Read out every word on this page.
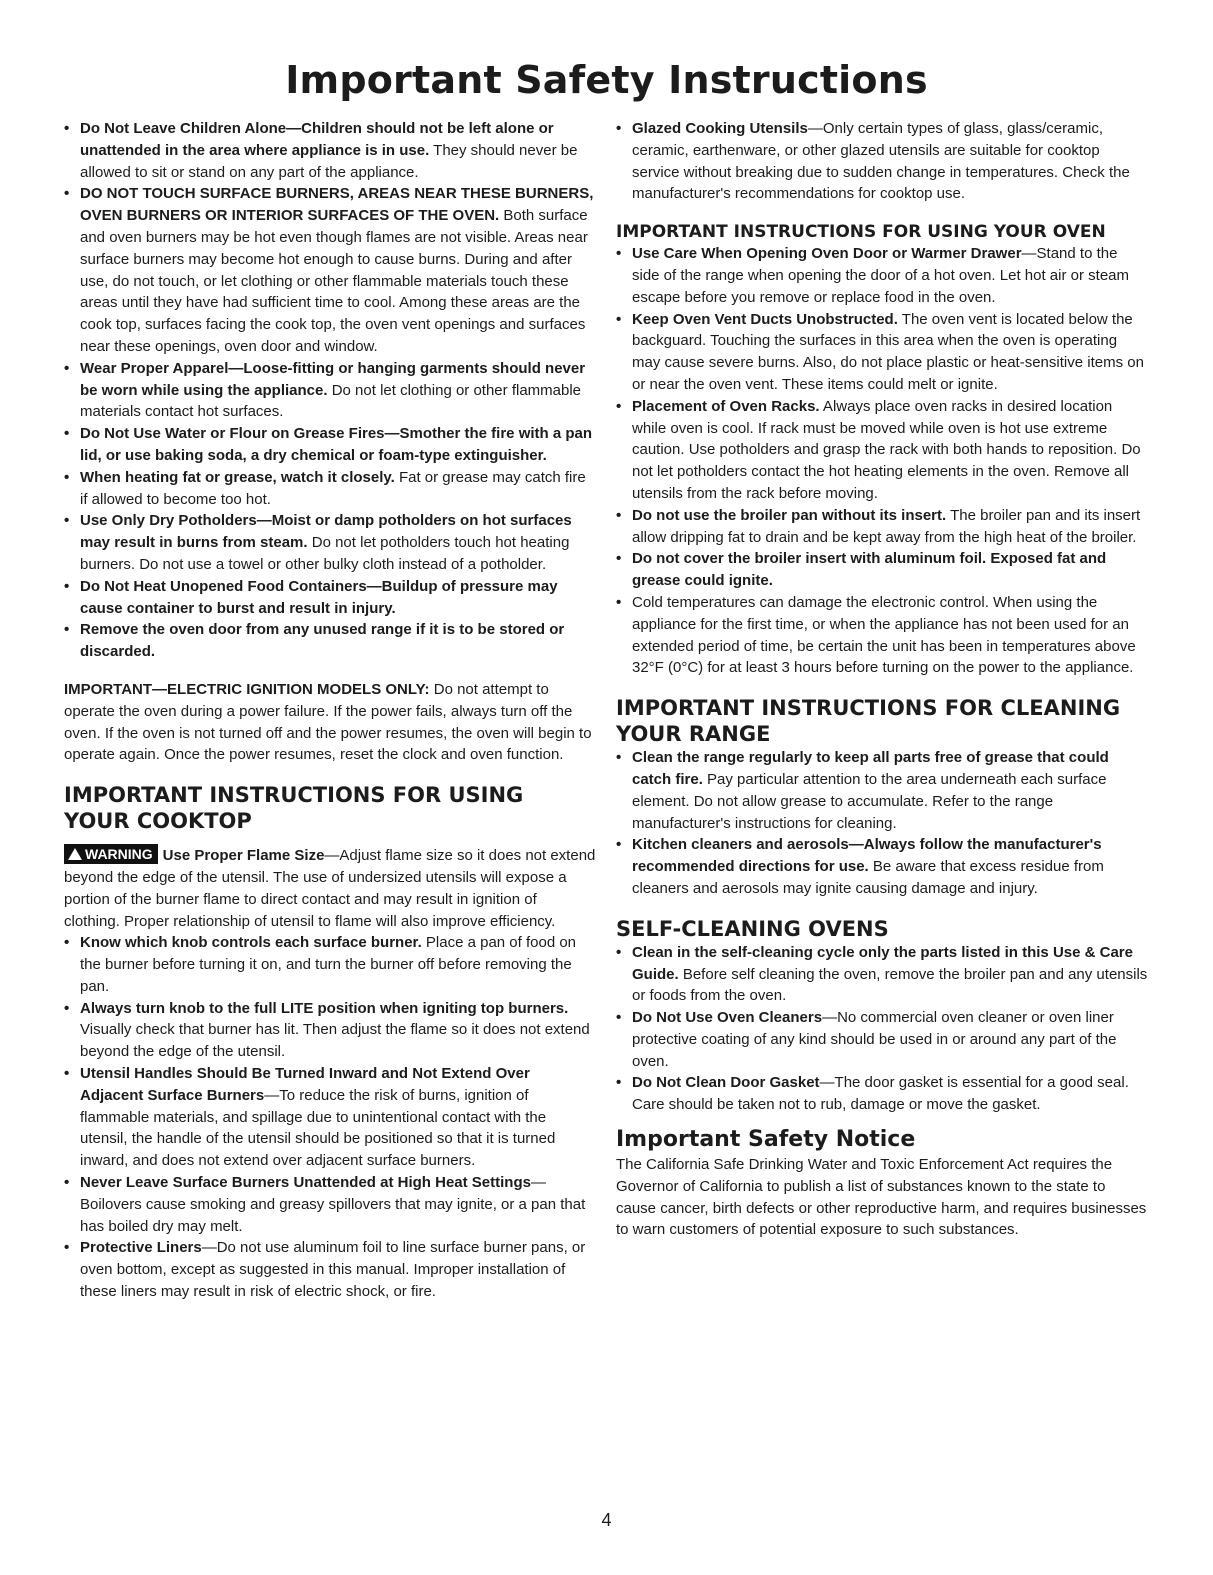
Important Safety Instructions
• Do Not Leave Children Alone—Children should not be left alone or unattended in the area where appliance is in use. They should never be allowed to sit or stand on any part of the appliance.
• DO NOT TOUCH SURFACE BURNERS, AREAS NEAR THESE BURNERS, OVEN BURNERS OR INTERIOR SURFACES OF THE OVEN. Both surface and oven burners may be hot even though flames are not visible. Areas near surface burners may become hot enough to cause burns. During and after use, do not touch, or let clothing or other flammable materials touch these areas until they have had sufficient time to cool. Among these areas are the cook top, surfaces facing the cook top, the oven vent openings and surfaces near these openings, oven door and window.
• Wear Proper Apparel—Loose-fitting or hanging garments should never be worn while using the appliance. Do not let clothing or other flammable materials contact hot surfaces.
• Do Not Use Water or Flour on Grease Fires—Smother the fire with a pan lid, or use baking soda, a dry chemical or foam-type extinguisher.
• When heating fat or grease, watch it closely. Fat or grease may catch fire if allowed to become too hot.
• Use Only Dry Potholders—Moist or damp potholders on hot surfaces may result in burns from steam. Do not let potholders touch hot heating burners. Do not use a towel or other bulky cloth instead of a potholder.
• Do Not Heat Unopened Food Containers—Buildup of pressure may cause container to burst and result in injury.
• Remove the oven door from any unused range if it is to be stored or discarded.

IMPORTANT—ELECTRIC IGNITION MODELS ONLY: Do not attempt to operate the oven during a power failure. If the power fails, always turn off the oven. If the oven is not turned off and the power resumes, the oven will begin to operate again. Once the power resumes, reset the clock and oven function.

IMPORTANT INSTRUCTIONS FOR USING YOUR COOKTOP

WARNING Use Proper Flame Size—Adjust flame size so it does not extend beyond the edge of the utensil. The use of undersized utensils will expose a portion of the burner flame to direct contact and may result in ignition of clothing. Proper relationship of utensil to flame will also improve efficiency.

• Know which knob controls each surface burner. Place a pan of food on the burner before turning it on, and turn the burner off before removing the pan.
• Always turn knob to the full LITE position when igniting top burners. Visually check that burner has lit. Then adjust the flame so it does not extend beyond the edge of the utensil.
• Utensil Handles Should Be Turned Inward and Not Extend Over Adjacent Surface Burners—To reduce the risk of burns, ignition of flammable materials, and spillage due to unintentional contact with the utensil, the handle of the utensil should be positioned so that it is turned inward, and does not extend over adjacent surface burners.
• Never Leave Surface Burners Unattended at High Heat Settings—Boilovers cause smoking and greasy spillovers that may ignite, or a pan that has boiled dry may melt.
• Protective Liners—Do not use aluminum foil to line surface burner pans, or oven bottom, except as suggested in this manual. Improper installation of these liners may result in risk of electric shock, or fire.
• Glazed Cooking Utensils—Only certain types of glass, glass/ceramic, ceramic, earthenware, or other glazed utensils are suitable for cooktop service without breaking due to sudden change in temperatures. Check the manufacturer's recommendations for cooktop use.
IMPORTANT INSTRUCTIONS FOR USING YOUR OVEN
• Use Care When Opening Oven Door or Warmer Drawer—Stand to the side of the range when opening the door of a hot oven. Let hot air or steam escape before you remove or replace food in the oven.
• Keep Oven Vent Ducts Unobstructed. The oven vent is located below the backguard. Touching the surfaces in this area when the oven is operating may cause severe burns. Also, do not place plastic or heat-sensitive items on or near the oven vent. These items could melt or ignite.
• Placement of Oven Racks. Always place oven racks in desired location while oven is cool. If rack must be moved while oven is hot use extreme caution. Use potholders and grasp the rack with both hands to reposition. Do not let potholders contact the hot heating elements in the oven. Remove all utensils from the rack before moving.
• Do not use the broiler pan without its insert. The broiler pan and its insert allow dripping fat to drain and be kept away from the high heat of the broiler.
• Do not cover the broiler insert with aluminum foil. Exposed fat and grease could ignite.
• Cold temperatures can damage the electronic control. When using the appliance for the first time, or when the appliance has not been used for an extended period of time, be certain the unit has been in temperatures above 32°F (0°C) for at least 3 hours before turning on the power to the appliance.
IMPORTANT INSTRUCTIONS FOR CLEANING YOUR RANGE
• Clean the range regularly to keep all parts free of grease that could catch fire. Pay particular attention to the area underneath each surface element. Do not allow grease to accumulate. Refer to the range manufacturer's instructions for cleaning.
• Kitchen cleaners and aerosols—Always follow the manufacturer's recommended directions for use. Be aware that excess residue from cleaners and aerosols may ignite causing damage and injury.
SELF-CLEANING OVENS
• Clean in the self-cleaning cycle only the parts listed in this Use & Care Guide. Before self cleaning the oven, remove the broiler pan and any utensils or foods from the oven.
• Do Not Use Oven Cleaners—No commercial oven cleaner or oven liner protective coating of any kind should be used in or around any part of the oven.
• Do Not Clean Door Gasket—The door gasket is essential for a good seal. Care should be taken not to rub, damage or move the gasket.
Important Safety Notice

The California Safe Drinking Water and Toxic Enforcement Act requires the Governor of California to publish a list of substances known to the state to cause cancer, birth defects or other reproductive harm, and requires businesses to warn customers of potential exposure to such substances.

4
